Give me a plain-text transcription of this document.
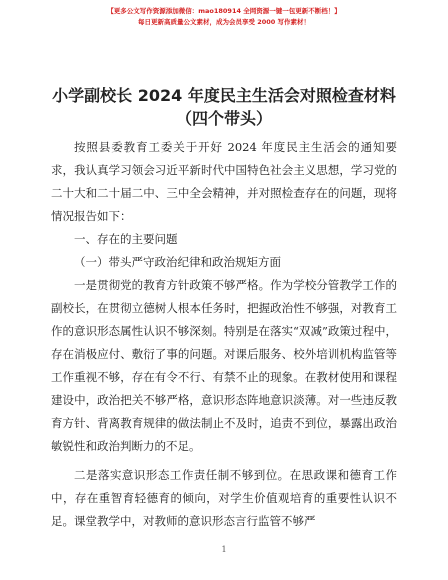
【更多公文写作资源添加微信：mao180914 全网资源一键一包更新不断档！】
每日更新高质量公文素材，成为会员享受 2000 写作素材！
小学副校长 2024 年度民主生活会对照检查材料
（四个带头）

按照县委教育工委关于开好 2024 年度民主生活会的通知要求，我认真学习领会习近平新时代中国特色社会主义思想，学习党的二十大和二十届二中、三中全会精神，并对照检查存在的问题，现将情况报告如下：

一、存在的主要问题

（一）带头严守政治纪律和政治规矩方面

一是贯彻党的教育方针政策不够严格。作为学校分管教学工作的副校长，在贯彻立德树人根本任务时，把握政治性不够强，对教育工作的意识形态属性认识不够深刻。特别是在落实“双减”政策过程中，存在消极应付、敷衍了事的问题。对课后服务、校外培训机构监管等工作重视不够，存在有令不行、有禁不止的现象。在教材使用和课程建设中，政治把关不够严格，意识形态阵地意识淡薄。对一些违反教育方针、背离教育规律的做法制止不及时，追责不到位，暴露出政治敏锐性和政治判断力的不足。

二是落实意识形态工作责任制不够到位。在思政课和德育工作中，存在重智育轻德育的倾向，对学生价值观培育的重要性认识不足。课堂教学中，对教师的意识形态言行监管不够严

1
